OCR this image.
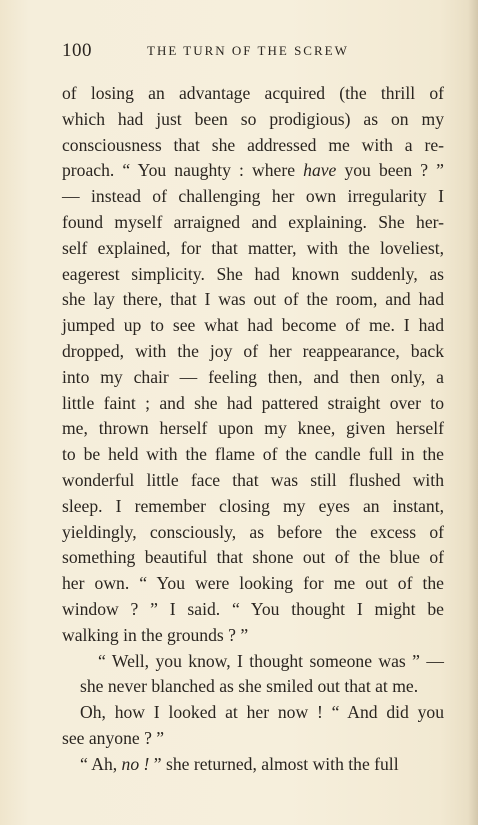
100	THE TURN OF THE SCREW

of losing an advantage acquired (the thrill of
which had just been so prodigious) as on my
consciousness that she addressed me with a re-
proach. “ You naughty : where have you been ? ”
— instead of challenging her own irregularity I
found myself arraigned and explaining. She her-
self explained, for that matter, with the loveliest,
eagerest simplicity. She had known suddenly, as
she lay there, that I was out of the room, and had
jumped up to see what had become of me. I had
dropped, with the joy of her reappearance, back
into my chair — feeling then, and then only, a
little faint ; and she had pattered straight over to
me, thrown herself upon my knee, given herself
to be held with the flame of the candle full in the
wonderful little face that was still flushed with
sleep. I remember closing my eyes an instant,
yieldingly, consciously, as before the excess of
something beautiful that shone out of the blue of
her own. “ You were looking for me out of the
window ? ” I said. “ You thought I might be
walking in the grounds ? ”

“ Well, you know, I thought someone was ” —
she never blanched as she smiled out that at me.

Oh, how I looked at her now ! “ And did you
see anyone ? ”

“ Ah, no ! ” she returned, almost with the full
